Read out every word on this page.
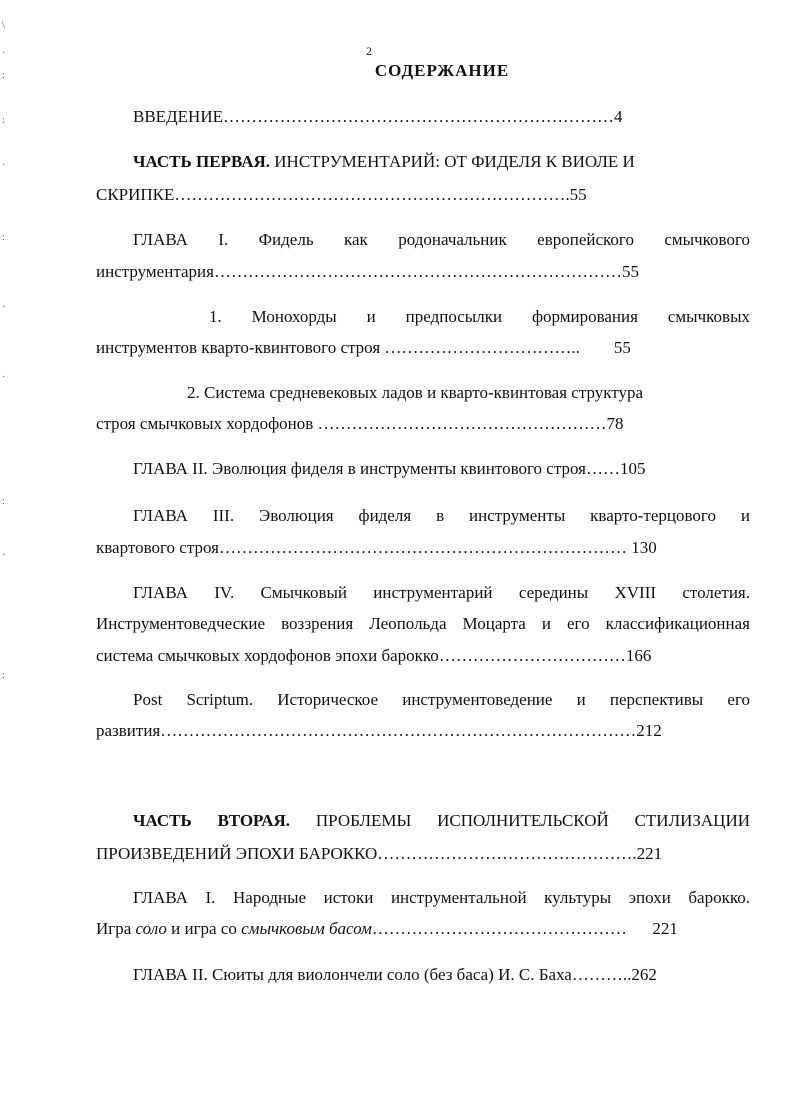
\
·
:
:
·
:
·
·
:
·
:
2
СОДЕРЖАНИЕ
ВВЕДЕНИЕ……………………………………………………………4
ЧАСТЬ ПЕРВАЯ. ИНСТРУМЕНТАРИЙ: ОТ ФИДЕЛЯ К ВИОЛЕ И
СКРИПКЕ…………………………………………………………….55
ГЛАВА I. Фидель как родоначальник европейского смычкового
инструментария………………………………………………………………55
1. Монохорды и предпосылки формирования смычковых
инструментов кварто-квинтового строя …………………………….. 55
2. Система средневековых ладов и кварто-квинтовая структура
строя смычковых хордофонов ……………………………………………78
ГЛАВА II. Эволюция фиделя в инструменты квинтового строя……105
ГЛАВА III. Эволюция фиделя в инструменты кварто-терцового и
квартового строя……………………………………………………………… 130
ГЛАВА IV. Смычковый инструментарий середины XVIII столетия.
Инструментоведческие воззрения Леопольда Моцарта и его классификационная
система смычковых хордофонов эпохи барокко……………………………166
Post Scriptum. Историческое инструментоведение и перспективы его
развития…………………………………………………………………………212
ЧАСТЬ ВТОРАЯ. ПРОБЛЕМЫ ИСПОЛНИТЕЛЬСКОЙ СТИЛИЗАЦИИ
ПРОИЗВЕДЕНИЙ ЭПОХИ БАРОККО……………………………………….221
ГЛАВА I. Народные истоки инструментальной культуры эпохи барокко.
Игра соло и игра со смычковым басом……………………………………… 221
ГЛАВА II. Сюиты для виолончели соло (без баса) И. С. Баха………..262
